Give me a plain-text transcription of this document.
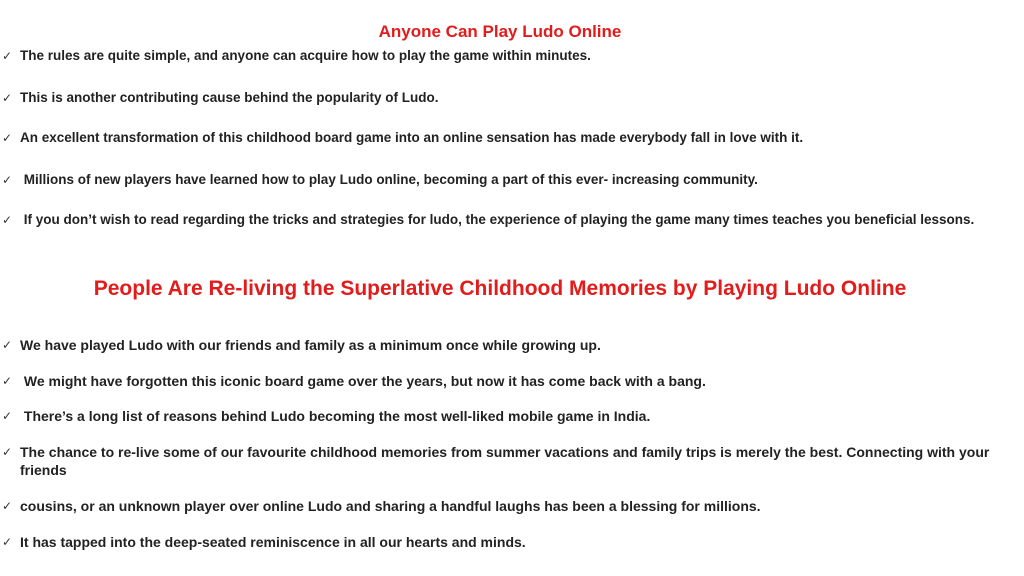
Anyone Can Play Ludo Online
✓ The rules are quite simple, and anyone can acquire how to play the game within minutes.
✓ This is another contributing cause behind the popularity of Ludo.
✓ An excellent transformation of this childhood board game into an online sensation has made everybody fall in love with it.
✓ Millions of new players have learned how to play Ludo online, becoming a part of this ever- increasing community.
✓ If you don’t wish to read regarding the tricks and strategies for ludo, the experience of playing the game many times teaches you beneficial lessons.
People Are Re-living the Superlative Childhood Memories by Playing Ludo Online
✓ We have played Ludo with our friends and family as a minimum once while growing up.
✓ We might have forgotten this iconic board game over the years, but now it has come back with a bang.
✓ There’s a long list of reasons behind Ludo becoming the most well-liked mobile game in India.
✓ The chance to re-live some of our favourite childhood memories from summer vacations and family trips is merely the best. Connecting with your friends
✓ cousins, or an unknown player over online Ludo and sharing a handful laughs has been a blessing for millions.
✓ It has tapped into the deep-seated reminiscence in all our hearts and minds.
